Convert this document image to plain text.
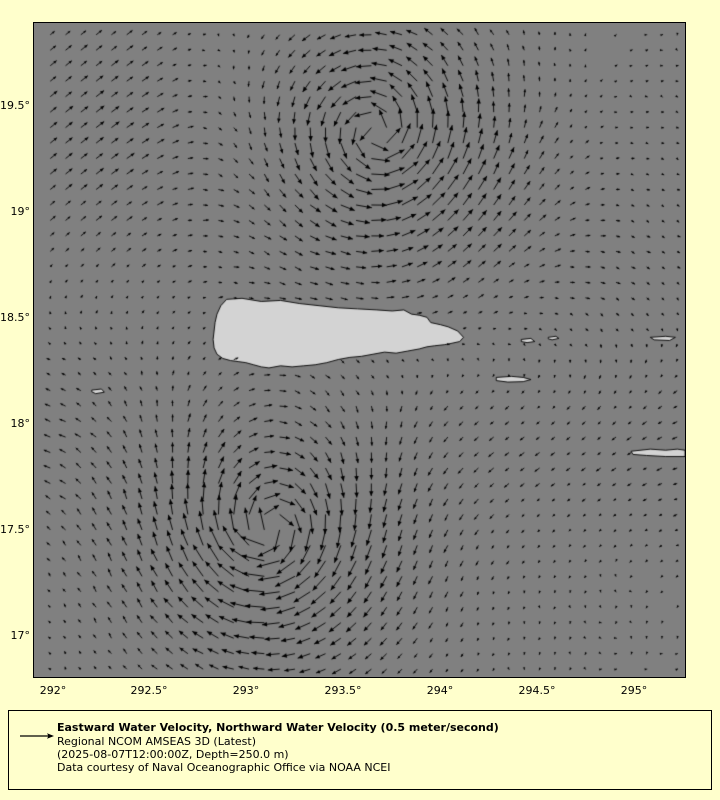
19.5°
19°
18.5°
18°
17.5°
17°
292°	292.5°	293°	293.5°	294°	294.5°	295°
Eastward Water Velocity, Northward Water Velocity (0.5 meter/second)
Regional NCOM AMSEAS 3D (Latest)
(2025-08-07T12:00:00Z, Depth=250.0 m)
Data courtesy of Naval Oceanographic Office via NOAA NCEI
